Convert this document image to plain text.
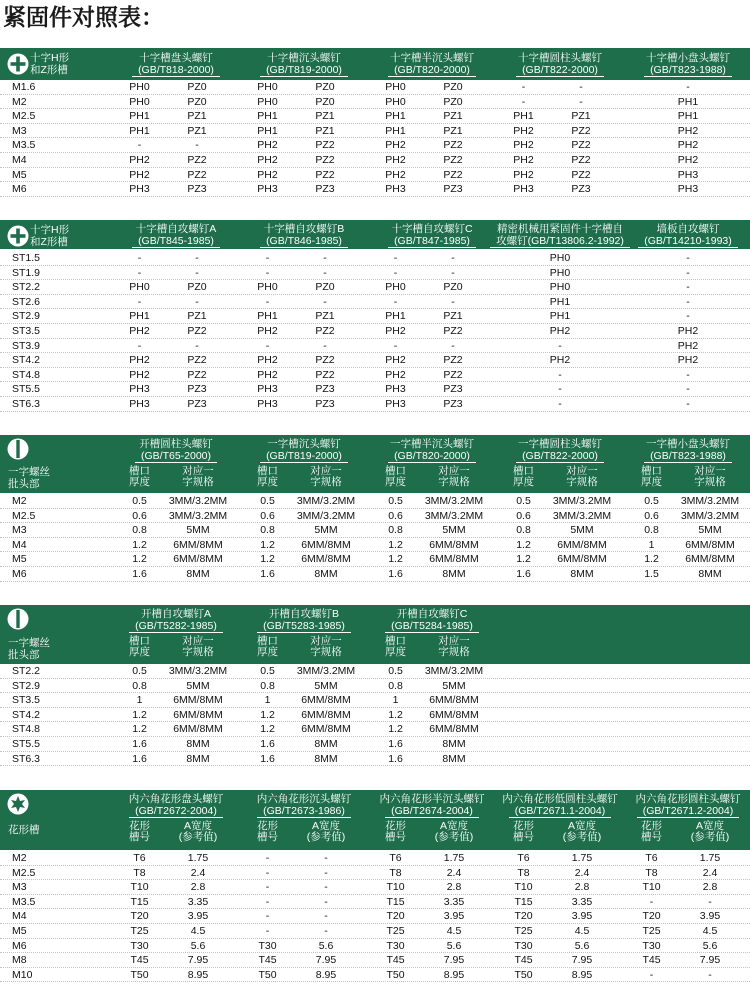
紧固件对照表：
十字H形
和Z形槽
十字槽盘头螺钉
(GB/T818-2000)
十字槽沉头螺钉
(GB/T819-2000)
十字槽半沉头螺钉
(GB/T820-2000)
十字槽圆柱头螺钉
(GB/T822-2000)
十字槽小盘头螺钉
(GB/T823-1988)
M1.6	PH0	PZ0	PH0	PZ0	PH0	PZ0	-	-	-
M2	PH0	PZ0	PH0	PZ0	PH0	PZ0	-	-	PH1
M2.5	PH1	PZ1	PH1	PZ1	PH1	PZ1	PH1	PZ1	PH1
M3	PH1	PZ1	PH1	PZ1	PH1	PZ1	PH2	PZ2	PH2
M3.5	-	-	PH2	PZ2	PH2	PZ2	PH2	PZ2	PH2
M4	PH2	PZ2	PH2	PZ2	PH2	PZ2	PH2	PZ2	PH2
M5	PH2	PZ2	PH2	PZ2	PH2	PZ2	PH2	PZ2	PH3
M6	PH3	PZ3	PH3	PZ3	PH3	PZ3	PH3	PZ3	PH3
十字H形
和Z形槽
十字槽自攻螺钉A
(GB/T845-1985)
十字槽自攻螺钉B
(GB/T846-1985)
十字槽自攻螺钉C
(GB/T847-1985)
精密机械用紧固件十字槽自
攻螺钉(GB/T13806.2-1992)
墙板自攻螺钉
(GB/T14210-1993)
ST1.5	-	-	-	-	-	-	PH0	-
ST1.9	-	-	-	-	-	-	PH0	-
ST2.2	PH0	PZ0	PH0	PZ0	PH0	PZ0	PH0	-
ST2.6	-	-	-	-	-	-	PH1	-
ST2.9	PH1	PZ1	PH1	PZ1	PH1	PZ1	PH1	-
ST3.5	PH2	PZ2	PH2	PZ2	PH2	PZ2	PH2	PH2
ST3.9	-	-	-	-	-	-	-	PH2
ST4.2	PH2	PZ2	PH2	PZ2	PH2	PZ2	PH2	PH2
ST4.8	PH2	PZ2	PH2	PZ2	PH2	PZ2	-	-
ST5.5	PH3	PZ3	PH3	PZ3	PH3	PZ3	-	-
ST6.3	PH3	PZ3	PH3	PZ3	PH3	PZ3	-	-
一字螺丝
批头部
开槽圆柱头螺钉
(GB/T65-2000)
一字槽沉头螺钉
(GB/T819-2000)
一字槽半沉头螺钉
(GB/T820-2000)
一字槽圆柱头螺钉
(GB/T822-2000)
一字槽小盘头螺钉
(GB/T823-1988)
槽口
厚度
对应一
字规格
槽口
厚度
对应一
字规格
槽口
厚度
对应一
字规格
槽口
厚度
对应一
字规格
槽口
厚度
对应一
字规格
M2	0.5	3MM/3.2MM	0.5	3MM/3.2MM	0.5	3MM/3.2MM	0.5	3MM/3.2MM	0.5	3MM/3.2MM
M2.5	0.6	3MM/3.2MM	0.6	3MM/3.2MM	0.6	3MM/3.2MM	0.6	3MM/3.2MM	0.6	3MM/3.2MM
M3	0.8	5MM	0.8	5MM	0.8	5MM	0.8	5MM	0.8	5MM
M4	1.2	6MM/8MM	1.2	6MM/8MM	1.2	6MM/8MM	1.2	6MM/8MM	1	6MM/8MM
M5	1.2	6MM/8MM	1.2	6MM/8MM	1.2	6MM/8MM	1.2	6MM/8MM	1.2	6MM/8MM
M6	1.6	8MM	1.6	8MM	1.6	8MM	1.6	8MM	1.5	8MM
一字螺丝
批头部
开槽自攻螺钉A
(GB/T5282-1985)
开槽自攻螺钉B
(GB/T5283-1985)
开槽自攻螺钉C
(GB/T5284-1985)
槽口
厚度
对应一
字规格
槽口
厚度
对应一
字规格
槽口
厚度
对应一
字规格
ST2.2	0.5	3MM/3.2MM	0.5	3MM/3.2MM	0.5	3MM/3.2MM
ST2.9	0.8	5MM	0.8	5MM	0.8	5MM
ST3.5	1	6MM/8MM	1	6MM/8MM	1	6MM/8MM
ST4.2	1.2	6MM/8MM	1.2	6MM/8MM	1.2	6MM/8MM
ST4.8	1.2	6MM/8MM	1.2	6MM/8MM	1.2	6MM/8MM
ST5.5	1.6	8MM	1.6	8MM	1.6	8MM
ST6.3	1.6	8MM	1.6	8MM	1.6	8MM
花形槽
内六角花形盘头螺钉
(GB/T2672-2004)
内六角花形沉头螺钉
(GB/T2673-1986)
内六角花形半沉头螺钉
(GB/T2674-2004)
内六角花形低圆柱头螺钉
(GB/T2671.1-2004)
内六角花形圆柱头螺钉
(GB/T2671.2-2004)
花形
槽号
A宽度
(参考值)
花形
槽号
A宽度
(参考值)
花形
槽号
A宽度
(参考值)
花形
槽号
A宽度
(参考值)
花形
槽号
A宽度
(参考值)
M2	T6	1.75	-	-	T6	1.75	T6	1.75	T6	1.75
M2.5	T8	2.4	-	-	T8	2.4	T8	2.4	T8	2.4
M3	T10	2.8	-	-	T10	2.8	T10	2.8	T10	2.8
M3.5	T15	3.35	-	-	T15	3.35	T15	3.35	-	-
M4	T20	3.95	-	-	T20	3.95	T20	3.95	T20	3.95
M5	T25	4.5	-	-	T25	4.5	T25	4.5	T25	4.5
M6	T30	5.6	T30	5.6	T30	5.6	T30	5.6	T30	5.6
M8	T45	7.95	T45	7.95	T45	7.95	T45	7.95	T45	7.95
M10	T50	8.95	T50	8.95	T50	8.95	T50	8.95	-	-
